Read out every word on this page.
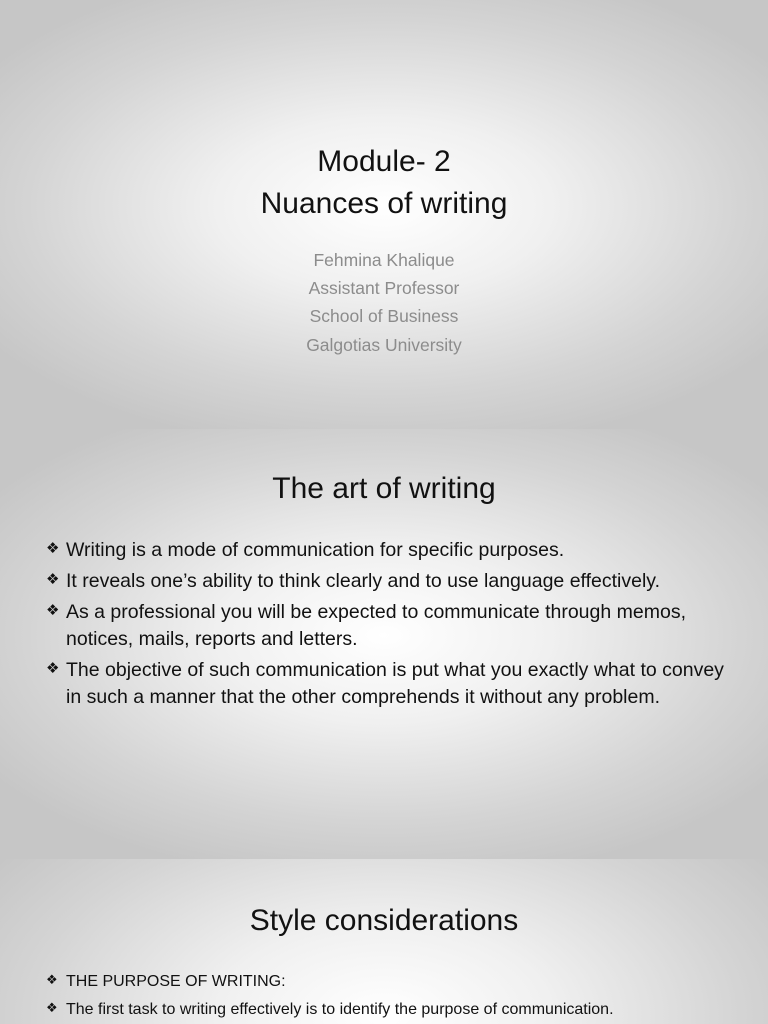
Module- 2
Nuances of writing
Fehmina Khalique
Assistant Professor
School of Business
Galgotias University
The art of writing
❖ Writing is a mode of communication for specific purposes.
❖ It reveals one’s ability to think clearly and to use language effectively.
❖ As a professional you will be expected to communicate through memos, notices, mails, reports and letters.
❖ The objective of such communication is put what you exactly what to convey in such a manner that the other comprehends it without any problem.
Style considerations
❖ THE PURPOSE OF WRITING:
❖ The first task to writing effectively is to identify the purpose of communication.
